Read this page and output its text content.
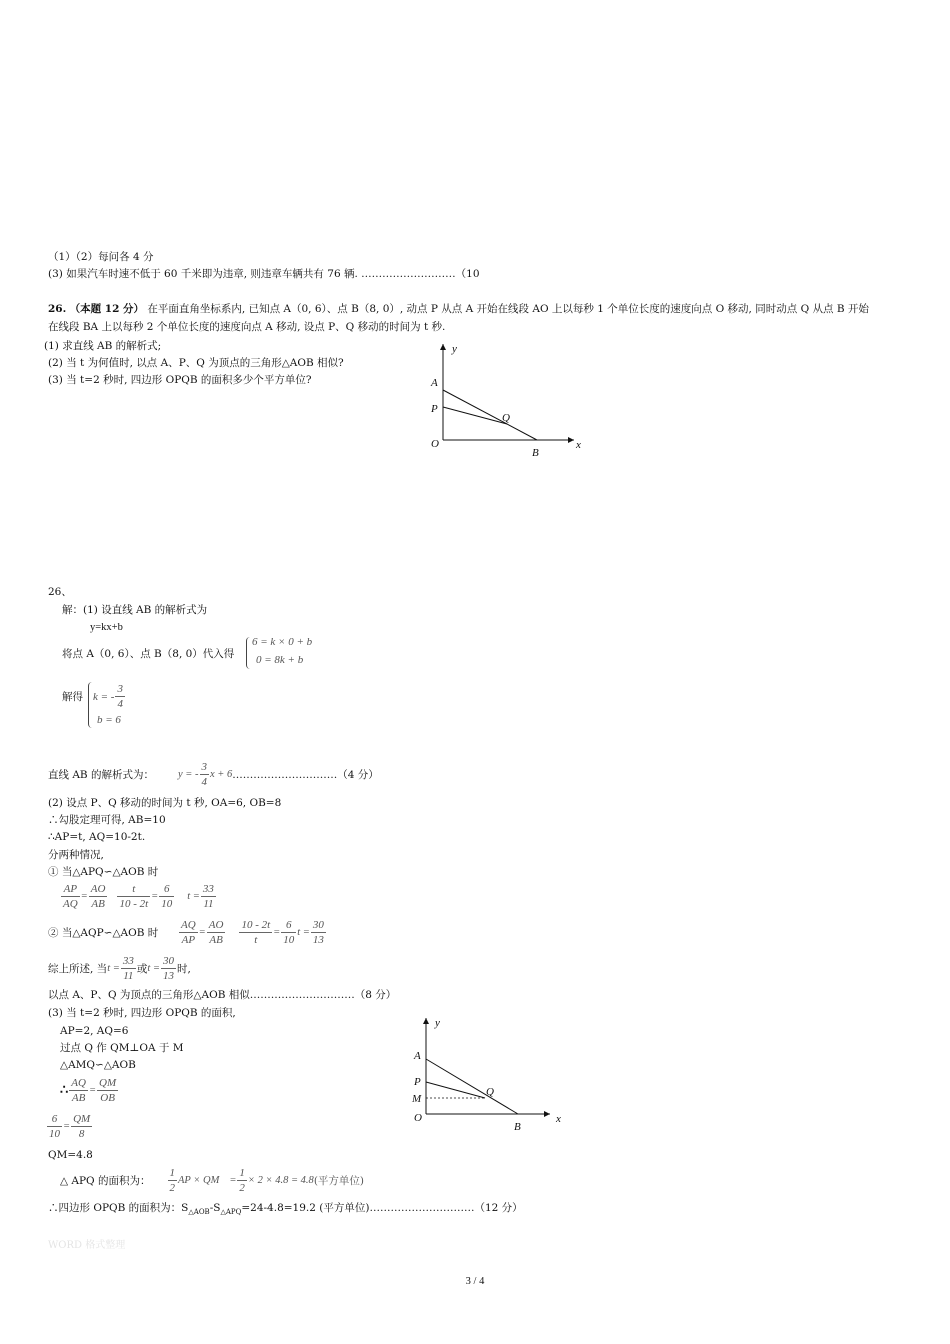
（1）（2）每问各 4 分
(3) 如果汽车时速不低于 60 千米即为违章, 则违章车辆共有 76 辆. ………………………（10
26. （本题 12 分） 在平面直角坐标系内, 已知点 A（0, 6）、点 B（8, 0）, 动点 P 从点 A 开始在线段 AO 上以每秒 1 个单位长度的速度向点 O 移动, 同时动点 Q 从点 B 开始
在线段 BA 上以每秒 2 个单位长度的速度向点 A 移动, 设点 P、Q 移动的时间为 t 秒.
(1) 求直线 AB 的解析式;
(2) 当 t 为何值时, 以点 A、P、Q 为顶点的三角形△AOB 相似?
(3) 当 t=2 秒时, 四边形 OPQB 的面积多少个平方单位?
y
x
A
P
Q
O
B
26、
解：(1) 设直线 AB 的解析式为
y=kx+b
将点 A（0, 6）、点 B（8, 0）代入得
6 = k × 0 + b
0 = 8k + b
解得 k = - $\frac{3}{4}$
b = 6
直线 AB 的解析式为： y = - $\frac{3}{4}$ x + 6 …………………………（4 分）
(2) 设点 P、Q 移动的时间为 t 秒, OA=6, OB=8
∴勾股定理可得, AB=10
∴AP=t, AQ=10-2t.
分两种情况,
① 当△APQ∽△AOB 时
$\frac{AP}{AQ} = \frac{AO}{AB} \frac{t}{10 - 2t} = \frac{6}{10}$ $t = \frac{33}{11}$
② 当△AQP∽△AOB 时 $\frac{AQ}{AP} = \frac{AO}{AB} \frac{10 - 2t}{t} = \frac{6}{10}$ $t = \frac{30}{13}$
综上所述, 当 $t = \frac{33}{11}$ 或 $t = \frac{30}{13}$ 时,
以点 A、P、Q 为顶点的三角形△AOB 相似…………………………（8 分）
(3) 当 t=2 秒时, 四边形 OPQB 的面积,
AP=2, AQ=6
过点 Q 作 QM⊥OA 于 M
△AMQ∽△AOB
∴ $\frac{AQ}{AB} = \frac{QM}{OB}$
$\frac{6}{10} = \frac{QM}{8}$
QM=4.8
△ APQ 的面积为： $\frac{1}{2}$ AP × QM = $\frac{1}{2} \times 2 \times 4.8 = 4.8$ (平方单位)
∴四边形 OPQB 的面积为：$S_{\triangle AOB}-S_{\triangle APQ}=24-4.8=19.2$ (平方单位)…………………………（12 分）
y
x
A
P
Q
M
O
B
WORD 格式整理
3 / 4
